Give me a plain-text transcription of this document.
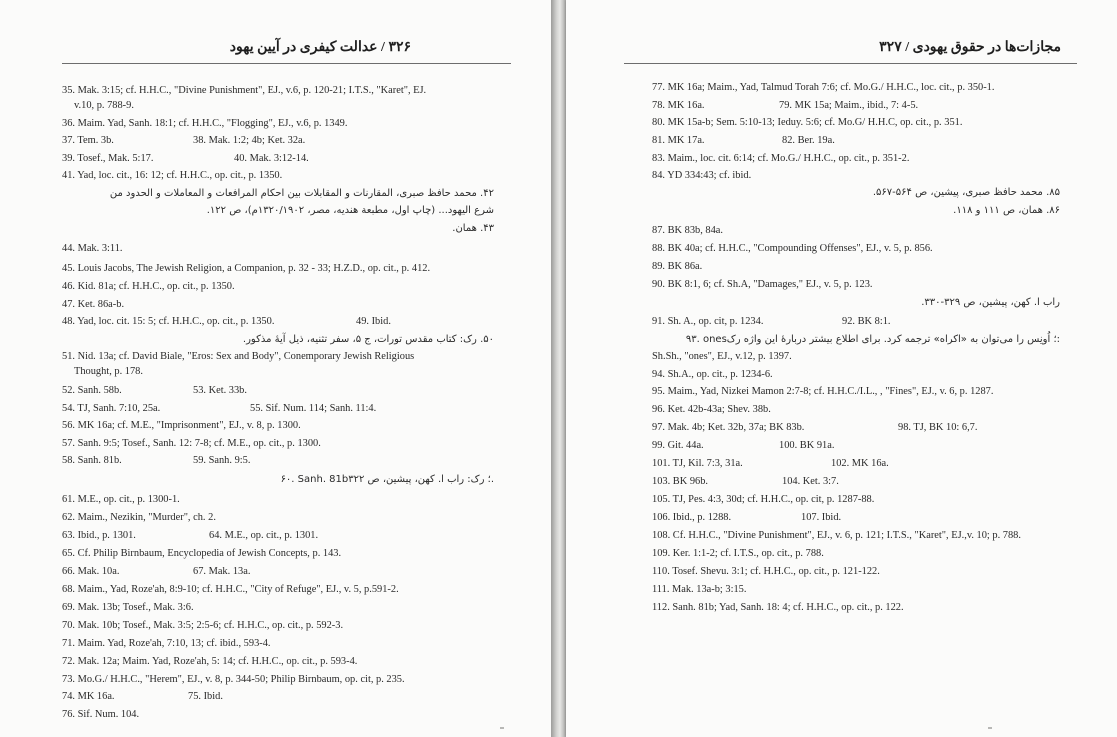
۳۲۶ / عدالت کیفری در آیین یهود
35. Mak. 3:15; cf. H.H.C., "Divine Punishment", EJ., v.6, p. 120-21; I.T.S., "Karet", EJ.
v.10, p. 788-9.
36. Maim. Yad, Sanh. 18:1; cf. H.H.C., "Flogging", EJ., v.6, p. 1349.
37. Tem. 3b.	38. Mak. 1:2; 4b; Ket. 32a.
39. Tosef., Mak. 5:17.	40. Mak. 3:12-14.
41. Yad, loc. cit., 16: 12; cf. H.H.C., op. cit., p. 1350.
۴۲. محمد حافظ صبری، المقارنات و المقابلات بین احکام المرافعات و المعاملات و الحدود من
شرع الیهود... (چاپ اول، مطبعة هندیه، مصر، ۱۳۲۰/۱۹۰۲م)، ص ۱۲۲.
۴۳. همان.
44. Mak. 3:11.
45. Louis Jacobs, The Jewish Religion, a Companion, p. 32 - 33; H.Z.D., op. cit., p. 412.
46. Kid. 81a; cf. H.H.C., op. cit., p. 1350.
47. Ket. 86a-b.
48. Yad, loc. cit. 15: 5; cf. H.H.C., op. cit., p. 1350.	49. Ibid.
۵۰. رک: کتاب مقدس تورات، ج ۵، سفر تثنیه، ذیل آیهٔ مذکور.
51. Nid. 13a; cf. David Biale, "Eros: Sex and Body", Conemporary Jewish Religious
Thought, p. 178.
52. Sanh. 58b.	53. Ket. 33b.
54. TJ, Sanh. 7:10, 25a.	55. Sif. Num. 114; Sanh. 11:4.
56. MK 16a; cf. M.E., "Imprisonment", EJ., v. 8, p. 1300.
57. Sanh. 9:5; Tosef., Sanh. 12: 7-8; cf. M.E., op. cit., p. 1300.
58. Sanh. 81b.	59. Sanh. 9:5.
۶۰. Sanh. 81b؛ رک: راب ا. کهن، پیشین، ص ۳۲۲.
61. M.E., op. cit., p. 1300-1.
62. Maim., Nezikin, "Murder", ch. 2.
63. Ibid., p. 1301.	64. M.E., op. cit., p. 1301.
65. Cf. Philip Birnbaum, Encyclopedia of Jewish Concepts, p. 143.
66. Mak. 10a.	67. Mak. 13a.
68. Maim., Yad, Roze'ah, 8:9-10; cf. H.H.C., "City of Refuge", EJ., v. 5, p.591-2.
69. Mak. 13b; Tosef., Mak. 3:6.
70. Mak. 10b; Tosef., Mak. 3:5; 2:5-6; cf. H.H.C., op. cit., p. 592-3.
71. Maim. Yad, Roze'ah, 7:10, 13; cf. ibid., 593-4.
72. Mak. 12a; Maim. Yad, Roze'ah, 5: 14; cf. H.H.C., op. cit., p. 593-4.
73. Mo.G./ H.H.C., "Herem", EJ., v. 8, p. 344-50; Philip Birnbaum, op. cit, p. 235.
74. MK 16a.	75. Ibid.
76. Sif. Num. 104.
مجازات‌ها در حقوق یهودی / ۳۲۷
77. MK 16a; Maim., Yad, Talmud Torah 7:6; cf. Mo.G./ H.H.C., loc. cit., p. 350-1.
78. MK 16a.	79. MK 15a; Maim., ibid., 7: 4-5.
80. MK 15a-b; Sem. 5:10-13; Ieduy. 5:6; cf. Mo.G/ H.H.C, op. cit., p. 351.
81. MK 17a.	82. Ber. 19a.
83. Maim., loc. cit. 6:14; cf. Mo.G./ H.H.C., op. cit., p. 351-2.
84. YD 334:43; cf. ibid.
۸۵. محمد حافظ صبری، پیشین، ص ۵۶۴-۵۶۷.
۸۶. همان، ص ۱۱۱ و ۱۱۸.
87. BK 83b, 84a.
88. BK 40a; cf. H.H.C., "Compounding Offenses", EJ., v. 5, p. 856.
89. BK 86a.
90. BK 8:1, 6; cf. Sh.A, "Damages," EJ., v. 5, p. 123.
راب ا. کهن، پیشین، ص ۳۲۹-۳۳۰.
91. Sh. A., op. cit, p. 1234.	92. BK 8:1.
۹۳. ones؛ اُونِس را می‌توان به «اکراه» ترجمه کرد. برای اطلاع بیشتر دربارهٔ این واژه رک:
Sh.Sh., "ones", EJ., v.12, p. 1397.
94. Sh.A., op. cit., p. 1234-6.
95. Maim., Yad, Nizkei Mamon 2:7-8; cf. H.H.C./I.L., , "Fines", EJ., v. 6, p. 1287.
96. Ket. 42b-43a; Shev. 38b.
97. Mak. 4b; Ket. 32b, 37a; BK 83b.	98. TJ, BK 10: 6,7.
99. Git. 44a.	100. BK 91a.
101. TJ, Kil. 7:3, 31a.	102. MK 16a.
103. BK 96b.	104. Ket. 3:7.
105. TJ, Pes. 4:3, 30d; cf. H.H.C., op. cit, p. 1287-88.
106. Ibid., p. 1288.	107. Ibid.
108. Cf. H.H.C., "Divine Punishment", EJ., v. 6, p. 121; I.T.S., "Karet", EJ.,v. 10; p. 788.
109. Ker. 1:1-2; cf. I.T.S., op. cit., p. 788.
110. Tosef. Shevu. 3:1; cf. H.H.C., op. cit., p. 121-122.
111. Mak. 13a-b; 3:15.
112. Sanh. 81b; Yad, Sanh. 18: 4; cf. H.H.C., op. cit., p. 122.
